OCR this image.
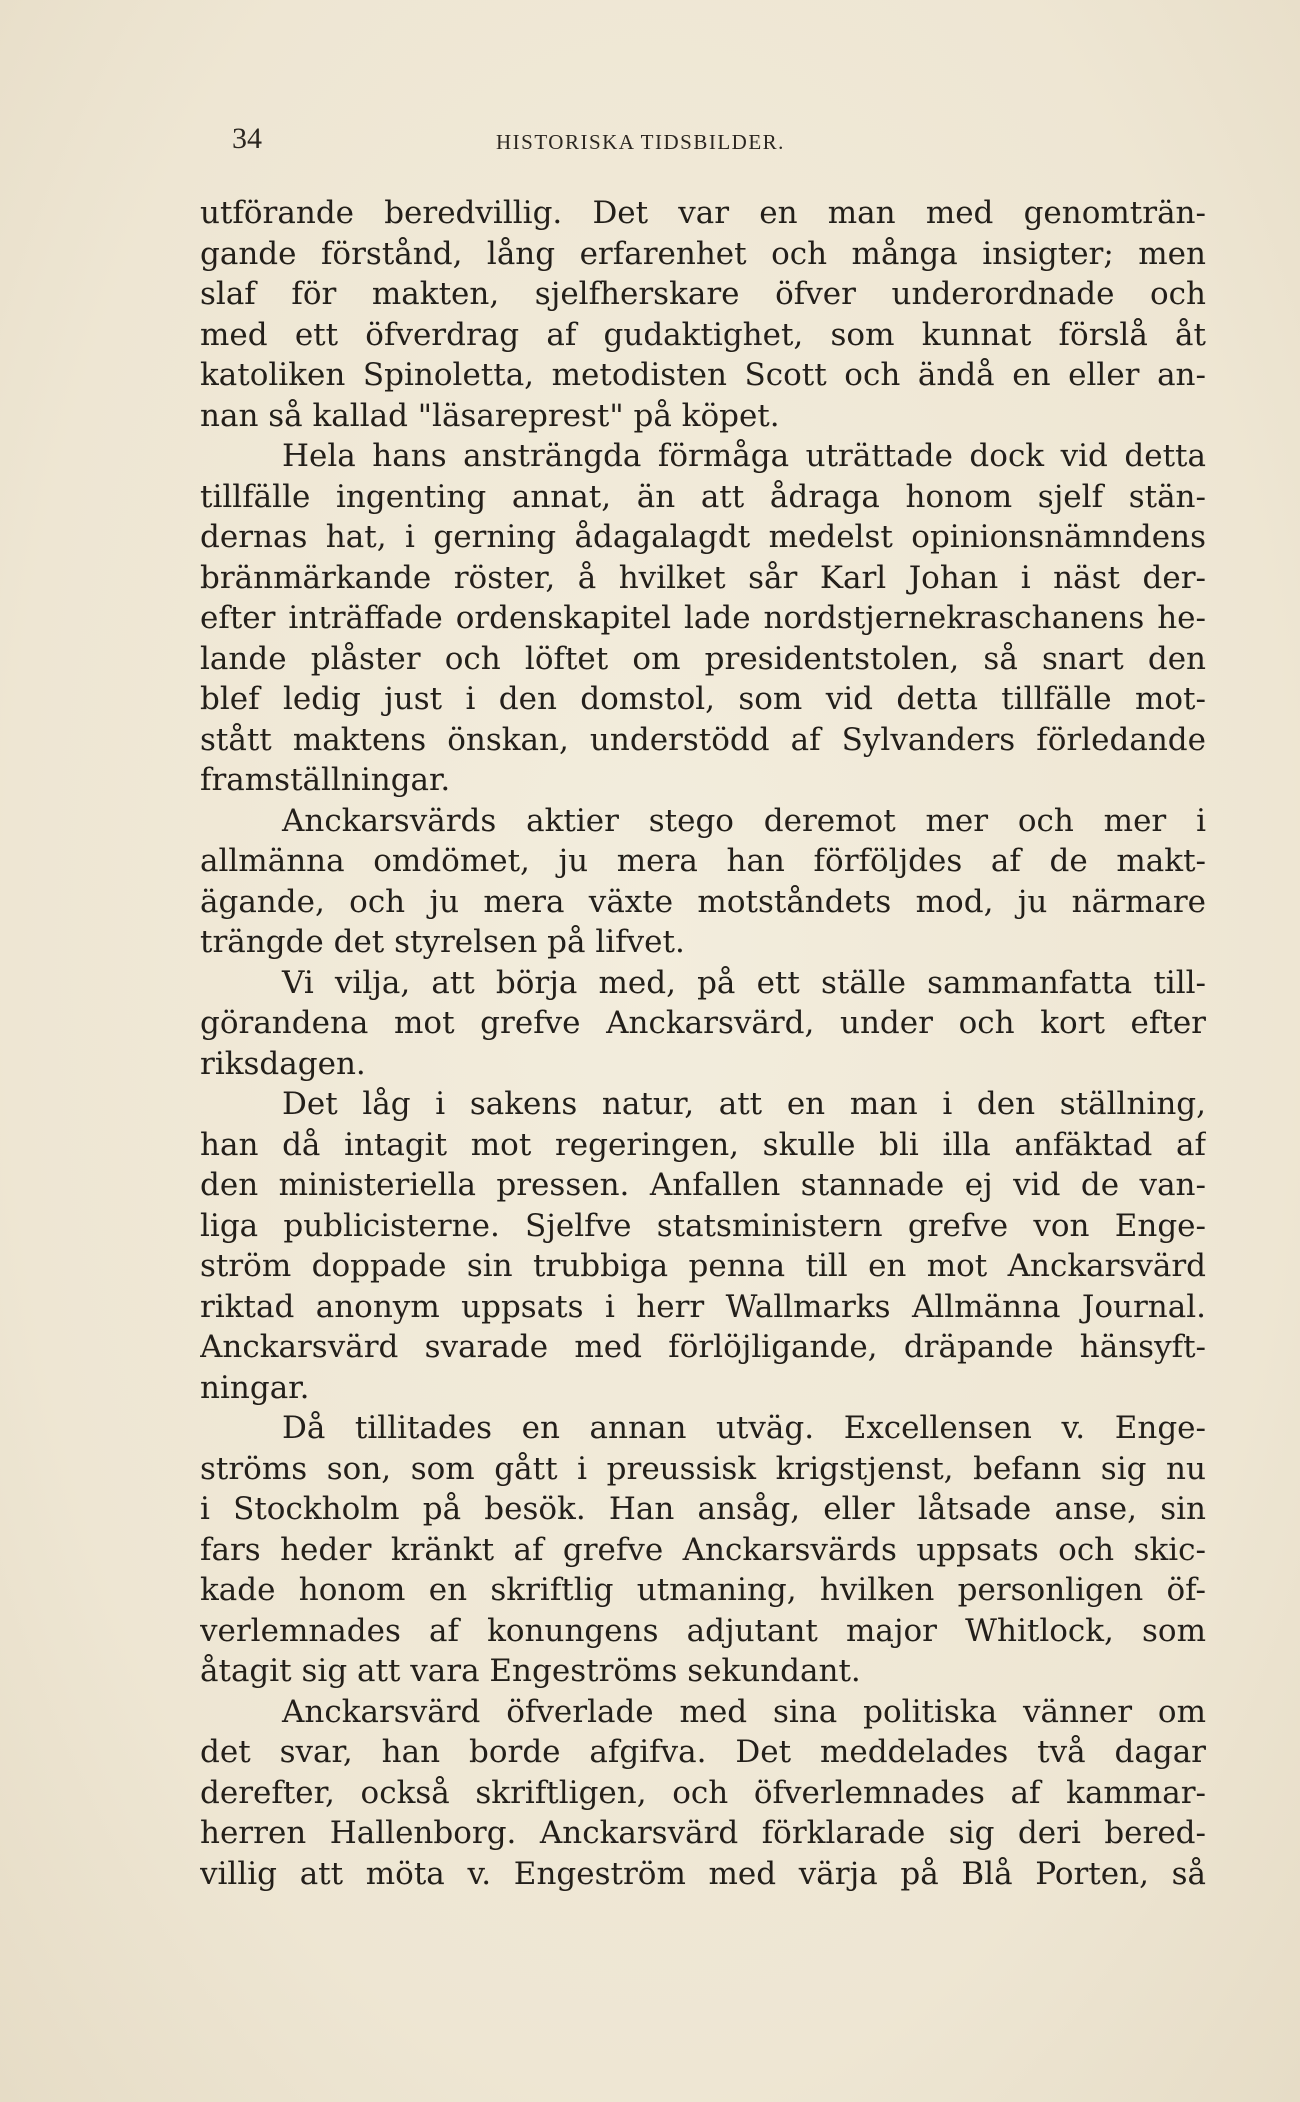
34	HISTORISKA TIDSBILDER.
utförande beredvillig. Det var en man med genomträn-
gande förstånd, lång erfarenhet och många insigter; men
slaf för makten, sjelfherskare öfver underordnade och
med ett öfverdrag af gudaktighet, som kunnat förslå åt
katoliken Spinoletta, metodisten Scott och ändå en eller an-
nan så kallad "läsareprest" på köpet.
Hela hans ansträngda förmåga uträttade dock vid detta
tillfälle ingenting annat, än att ådraga honom sjelf stän-
dernas hat, i gerning ådagalagdt medelst opinionsnämndens
bränmärkande röster, å hvilket sår Karl Johan i näst der-
efter inträffade ordenskapitel lade nordstjernekraschanens he-
lande plåster och löftet om presidentstolen, så snart den
blef ledig just i den domstol, som vid detta tillfälle mot-
stått maktens önskan, understödd af Sylvanders förledande
framställningar.
Anckarsvärds aktier stego deremot mer och mer i
allmänna omdömet, ju mera han förföljdes af de makt-
ägande, och ju mera växte motståndets mod, ju närmare
trängde det styrelsen på lifvet.
Vi vilja, att börja med, på ett ställe sammanfatta till-
görandena mot grefve Anckarsvärd, under och kort efter
riksdagen.
Det låg i sakens natur, att en man i den ställning,
han då intagit mot regeringen, skulle bli illa anfäktad af
den ministeriella pressen. Anfallen stannade ej vid de van-
liga publicisterne. Sjelfve statsministern grefve von Enge-
ström doppade sin trubbiga penna till en mot Anckarsvärd
riktad anonym uppsats i herr Wallmarks Allmänna Journal.
Anckarsvärd svarade med förlöjligande, dräpande hänsyft-
ningar.
Då tillitades en annan utväg. Excellensen v. Enge-
ströms son, som gått i preussisk krigstjenst, befann sig nu
i Stockholm på besök. Han ansåg, eller låtsade anse, sin
fars heder kränkt af grefve Anckarsvärds uppsats och skic-
kade honom en skriftlig utmaning, hvilken personligen öf-
verlemnades af konungens adjutant major Whitlock, som
åtagit sig att vara Engeströms sekundant.
Anckarsvärd öfverlade med sina politiska vänner om
det svar, han borde afgifva. Det meddelades två dagar
derefter, också skriftligen, och öfverlemnades af kammar-
herren Hallenborg. Anckarsvärd förklarade sig deri bered-
villig att möta v. Engeström med värja på Blå Porten, så
